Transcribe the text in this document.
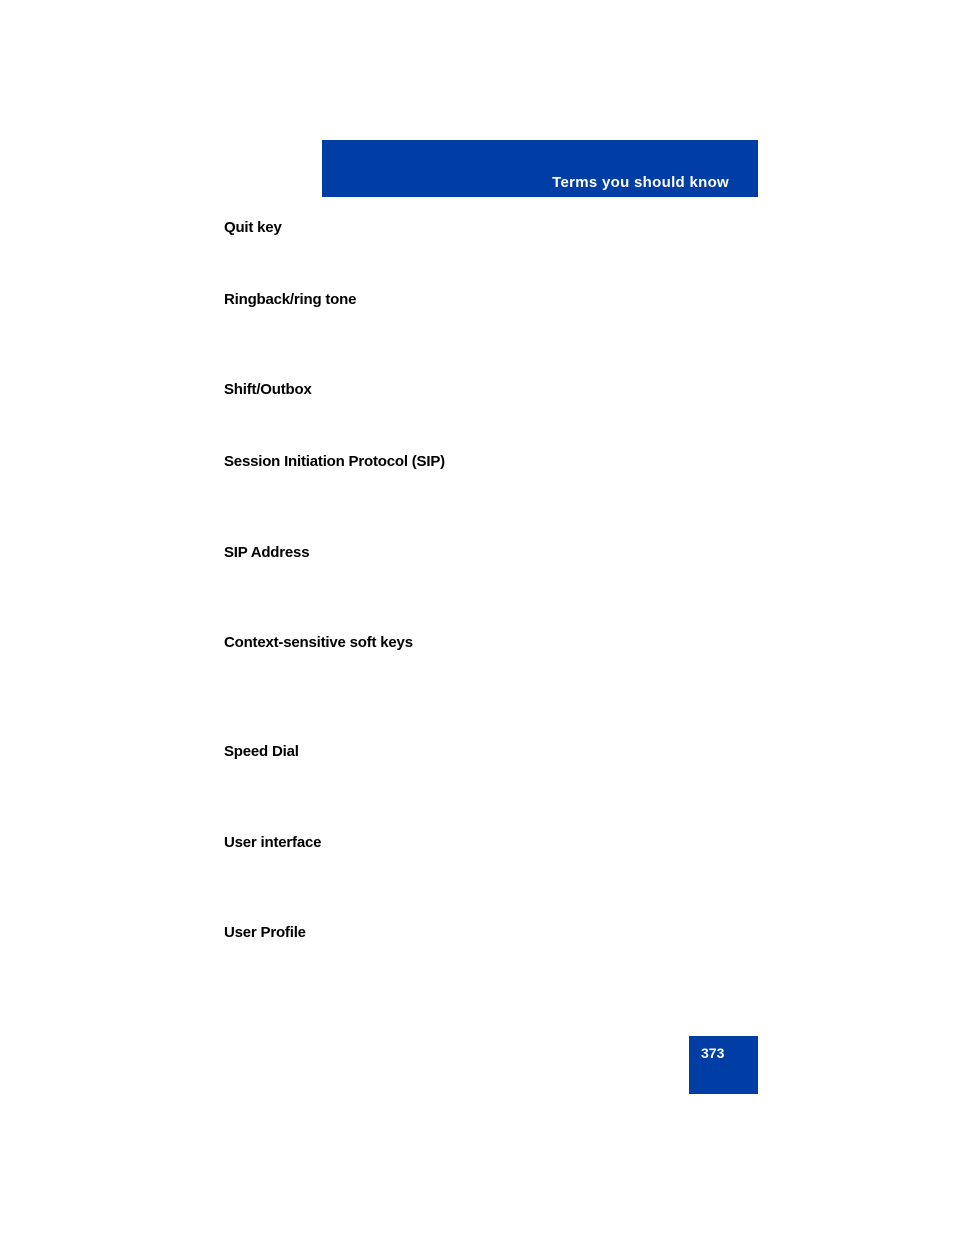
Terms you should know
Quit key
Ringback/ring tone
Shift/Outbox
Session Initiation Protocol (SIP)
SIP Address
Context-sensitive soft keys
Speed Dial
User interface
User Profile
373
